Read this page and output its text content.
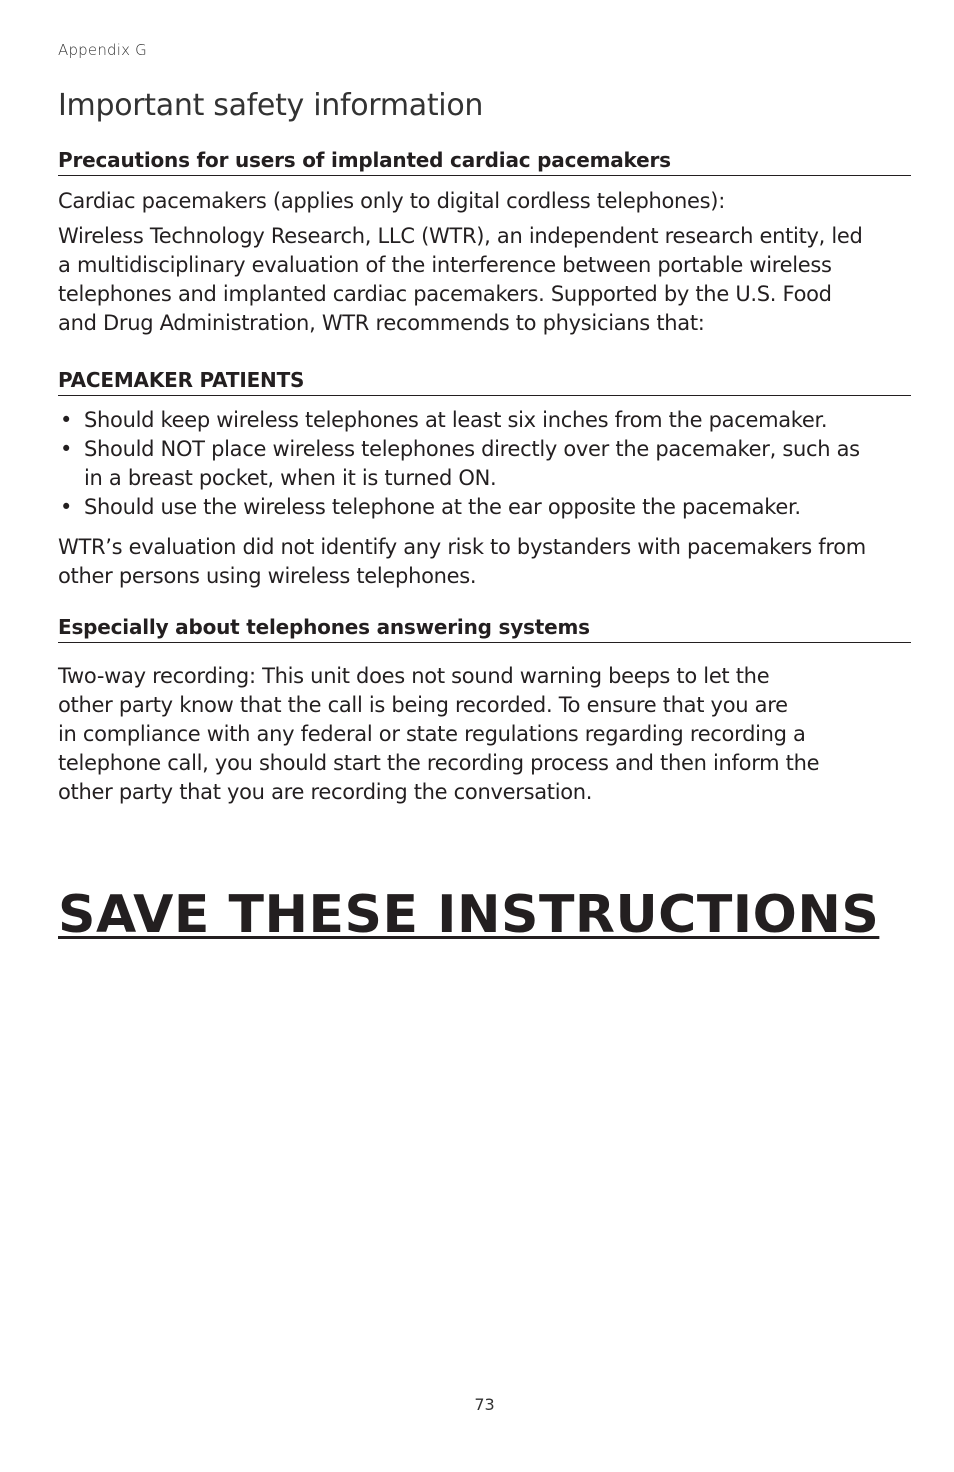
Appendix G
Important safety information
Precautions for users of implanted cardiac pacemakers

Cardiac pacemakers (applies only to digital cordless telephones):

Wireless Technology Research, LLC (WTR), an independent research entity, led
a multidisciplinary evaluation of the interference between portable wireless
telephones and implanted cardiac pacemakers. Supported by the U.S. Food
and Drug Administration, WTR recommends to physicians that:

PACEMAKER PATIENTS
• Should keep wireless telephones at least six inches from the pacemaker.
• Should NOT place wireless telephones directly over the pacemaker, such as
in a breast pocket, when it is turned ON.
• Should use the wireless telephone at the ear opposite the pacemaker.

WTR’s evaluation did not identify any risk to bystanders with pacemakers from
other persons using wireless telephones.

Especially about telephones answering systems

Two-way recording: This unit does not sound warning beeps to let the
other party know that the call is being recorded. To ensure that you are
in compliance with any federal or state regulations regarding recording a
telephone call, you should start the recording process and then inform the
other party that you are recording the conversation.

SAVE THESE INSTRUCTIONS
73
